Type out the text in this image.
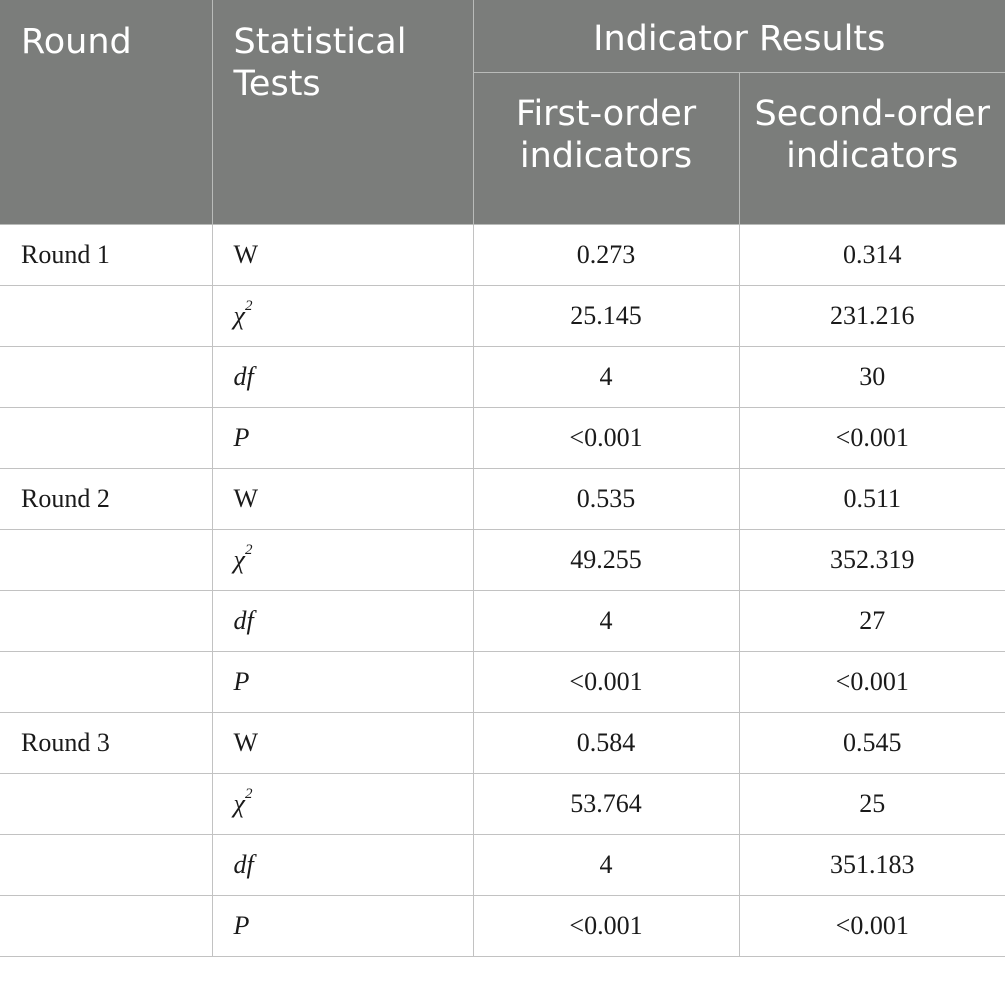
Round	Statistical Tests	Indicator Results	
		First-order indicators	Second-order indicators
Round 1	W	0.273	0.314
	$\chi^2$	25.145	231.216
	df	4	30
	P	<0.001	<0.001
Round 2	W	0.535	0.511
	$\chi^2$	49.255	352.319
	df	4	27
	P	<0.001	<0.001
Round 3	W	0.584	0.545
	$\chi^2$	53.764	25
	df	4	351.183
	P	<0.001	<0.001
